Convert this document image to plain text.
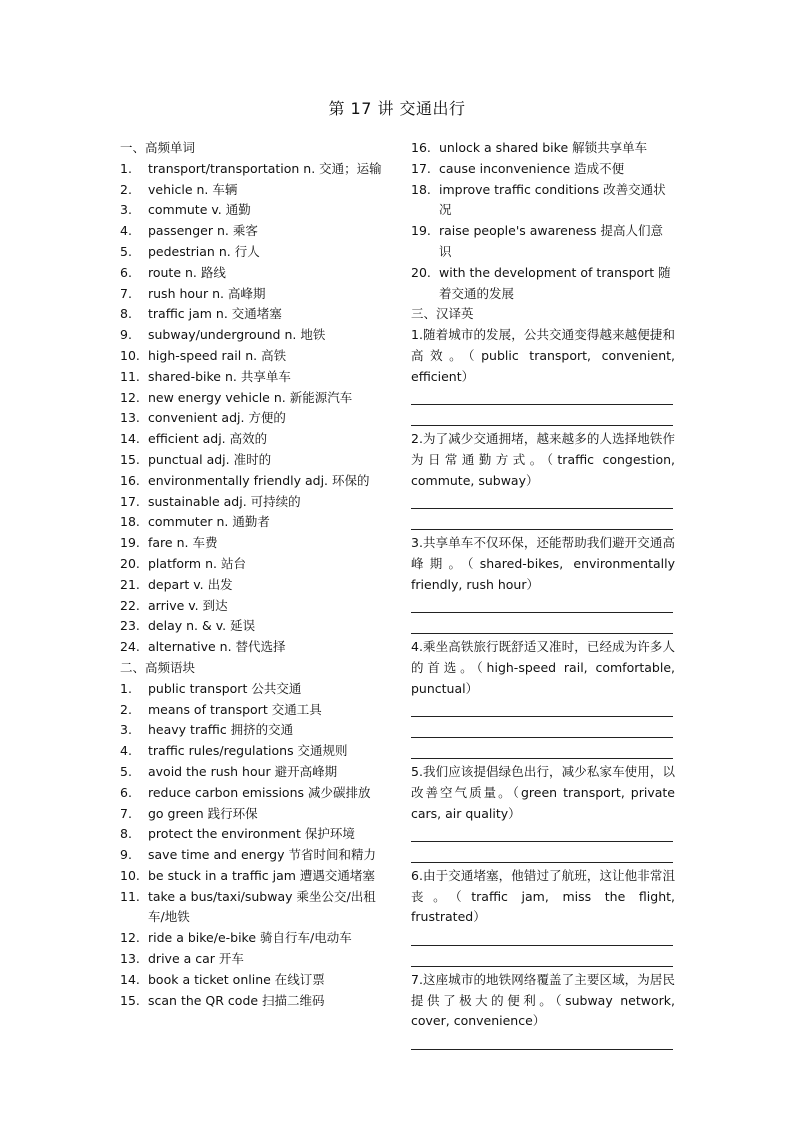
第 17 讲 交通出行
一、高频单词
1.	transport/transportation n. 交通；运输
2.	vehicle n. 车辆
3.	commute v. 通勤
4.	passenger n. 乘客
5.	pedestrian n. 行人
6.	route n. 路线
7.	rush hour n. 高峰期
8.	traffic jam n. 交通堵塞
9.	subway/underground n. 地铁
10. high-speed rail n. 高铁
11. shared-bike n. 共享单车
12. new energy vehicle n. 新能源汽车
13. convenient adj. 方便的
14. efficient adj. 高效的
15. punctual adj. 准时的
16. environmentally friendly adj. 环保的
17. sustainable adj. 可持续的
18. commuter n. 通勤者
19. fare n. 车费
20. platform n. 站台
21. depart v. 出发
22. arrive v. 到达
23. delay n. & v. 延误
24. alternative n. 替代选择
二、高频语块
1.	public transport 公共交通
2.	means of transport 交通工具
3.	heavy traffic 拥挤的交通
4.	traffic rules/regulations 交通规则
5.	avoid the rush hour 避开高峰期
6.	reduce carbon emissions 减少碳排放
7.	go green 践行环保
8.	protect the environment 保护环境
9.	save time and energy 节省时间和精力
10. be stuck in a traffic jam 遭遇交通堵塞
11. take a bus/taxi/subway 乘坐公交/出租车/地铁
12. ride a bike/e-bike 骑自行车/电动车
13. drive a car 开车
14. book a ticket online 在线订票
15. scan the QR code 扫描二维码
16. unlock a shared bike 解锁共享单车
17. cause inconvenience 造成不便
18. improve traffic conditions 改善交通状况
19. raise people's awareness 提高人们意识
20. with the development of transport 随着交通的发展
三、汉译英
1.随着城市的发展，公共交通变得越来越便捷和高效。（public transport, convenient, efficient）
2.为了减少交通拥堵，越来越多的人选择地铁作为日常通勤方式。（traffic congestion, commute, subway）
3.共享单车不仅环保，还能帮助我们避开交通高峰期。（shared-bikes, environmentally friendly, rush hour）
4.乘坐高铁旅行既舒适又准时，已经成为许多人的首选。（high-speed rail, comfortable, punctual）
5.我们应该提倡绿色出行，减少私家车使用，以改善空气质量。（green transport, private cars, air quality）
6.由于交通堵塞，他错过了航班，这让他非常沮丧。（traffic jam, miss the flight, frustrated）
7.这座城市的地铁网络覆盖了主要区域，为居民提供了极大的便利。（subway network, cover, convenience）
